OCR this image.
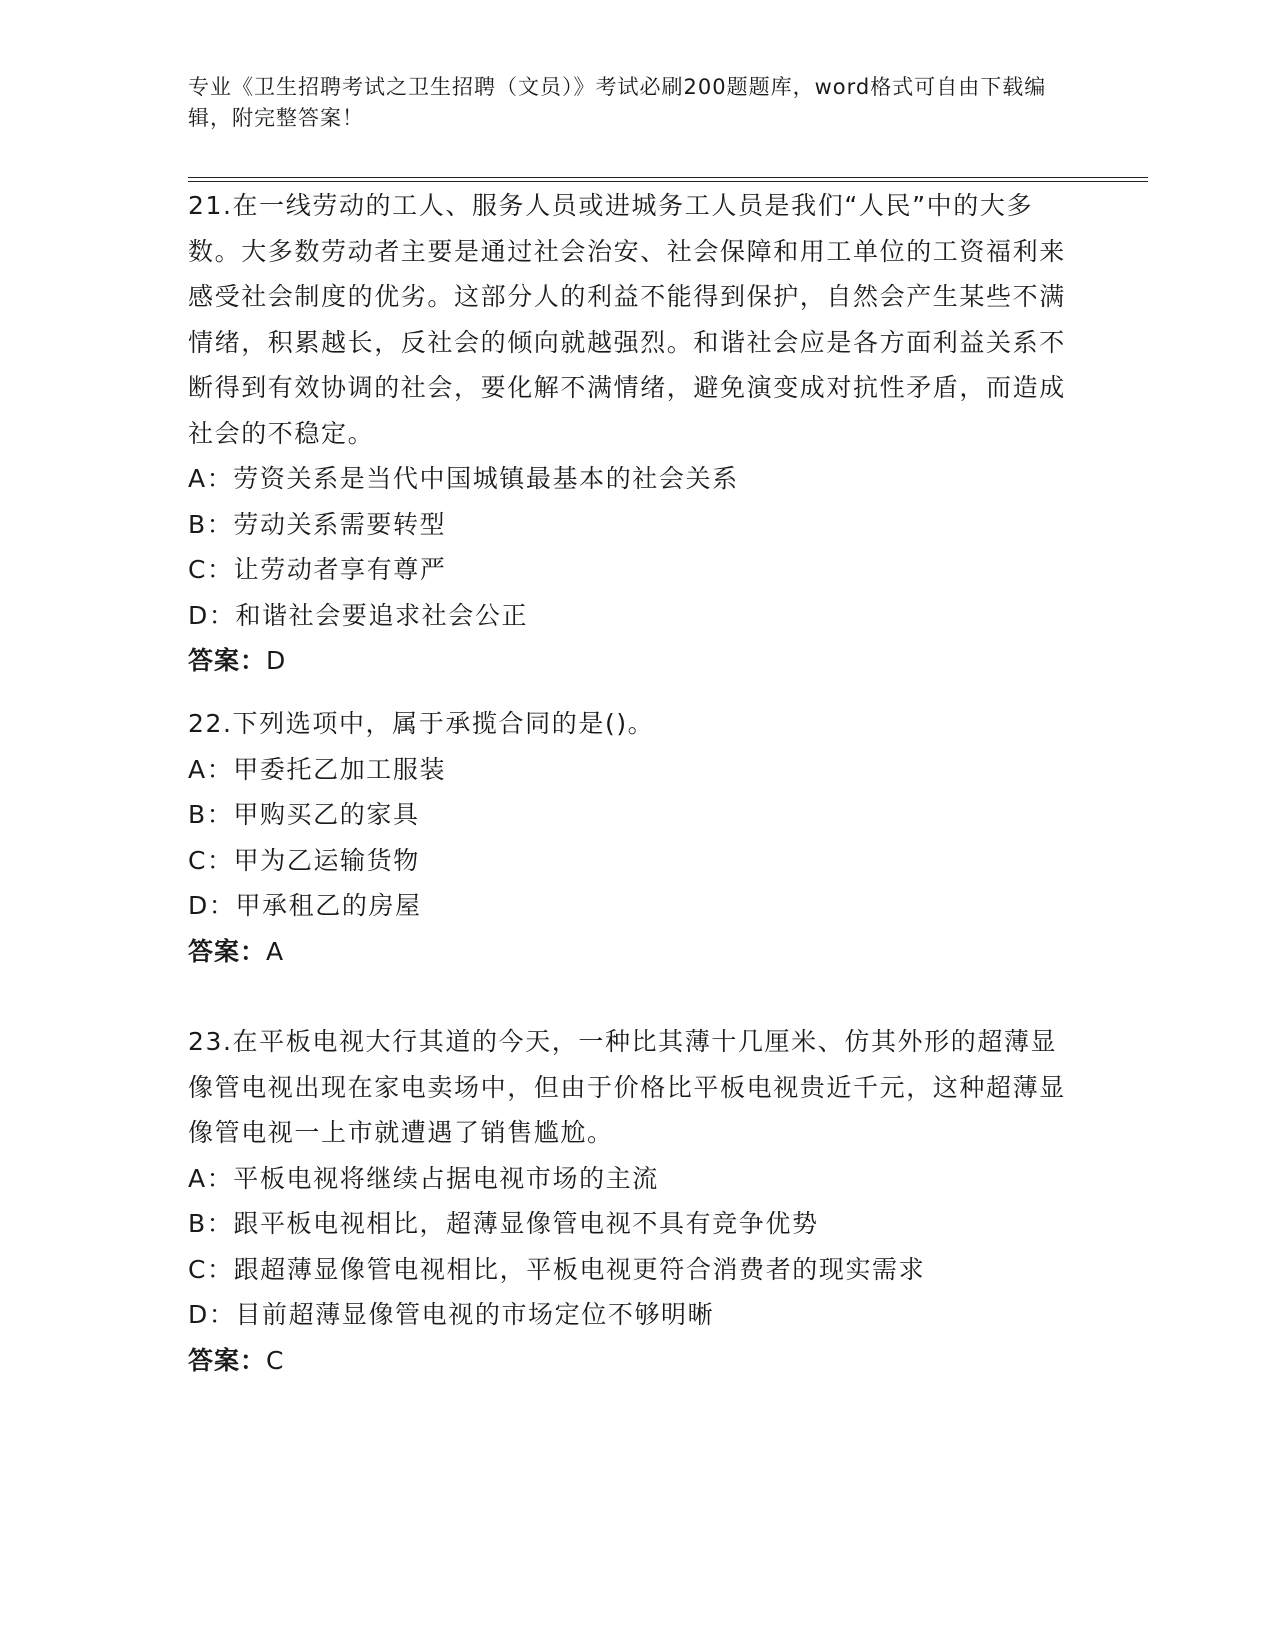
专业《卫生招聘考试之卫生招聘（文员）》考试必刷200题题库，word格式可自由下载编辑，附完整答案！

21.在一线劳动的工人、服务人员或进城务工人员是我们“人民”中的大多数。大多数劳动者主要是通过社会治安、社会保障和用工单位的工资福利来感受社会制度的优劣。这部分人的利益不能得到保护，自然会产生某些不满情绪，积累越长，反社会的倾向就越强烈。和谐社会应是各方面利益关系不断得到有效协调的社会，要化解不满情绪，避免演变成对抗性矛盾，而造成社会的不稳定。

A：劳资关系是当代中国城镇最基本的社会关系

B：劳动关系需要转型

C：让劳动者享有尊严

D：和谐社会要追求社会公正

答案：D

22.下列选项中，属于承揽合同的是()。

A：甲委托乙加工服装

B：甲购买乙的家具

C：甲为乙运输货物

D：甲承租乙的房屋

答案：A

23.在平板电视大行其道的今天，一种比其薄十几厘米、仿其外形的超薄显像管电视出现在家电卖场中，但由于价格比平板电视贵近千元，这种超薄显像管电视一上市就遭遇了销售尴尬。

A：平板电视将继续占据电视市场的主流

B：跟平板电视相比，超薄显像管电视不具有竞争优势

C：跟超薄显像管电视相比，平板电视更符合消费者的现实需求

D：目前超薄显像管电视的市场定位不够明晰

答案：C
